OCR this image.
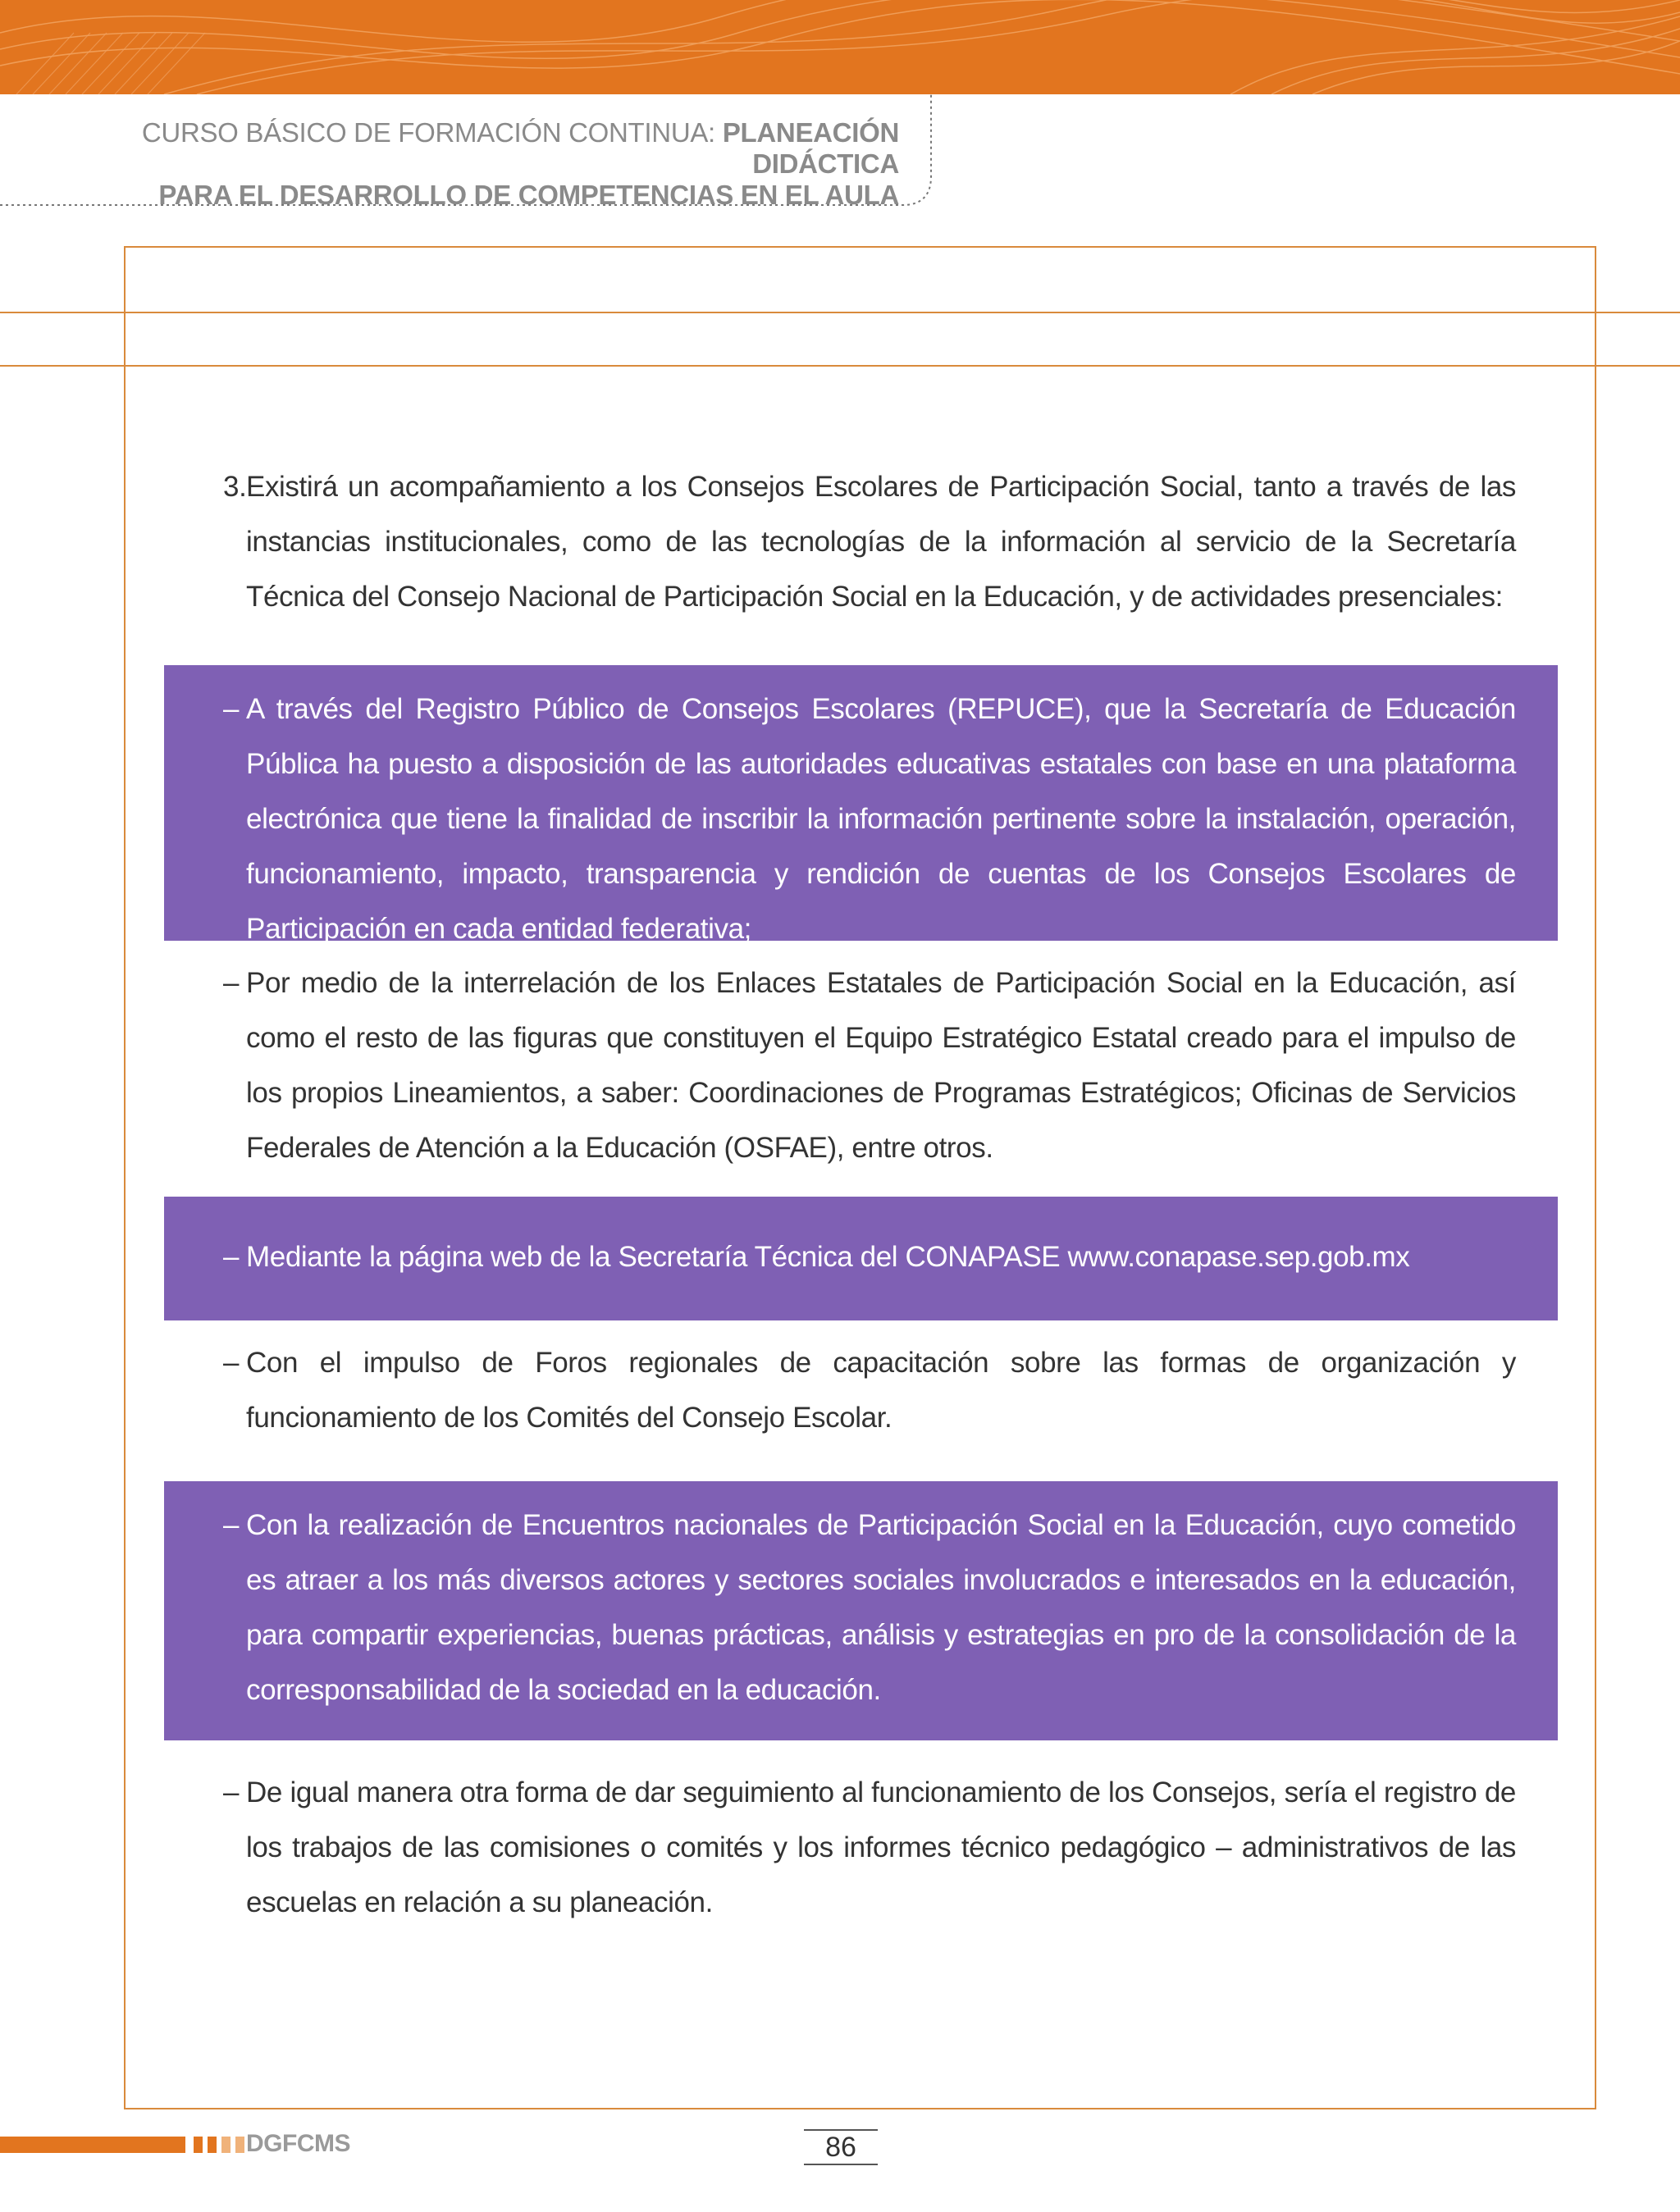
CURSO BÁSICO DE FORMACIÓN CONTINUA: PLANEACIÓN DIDÁCTICA
PARA EL DESARROLLO DE COMPETENCIAS EN EL AULA
3. Existirá un acompañamiento a los Consejos Escolares de Participación Social, tanto a través de las instancias institucionales, como de las tecnologías de la información al servicio de la Secretaría Técnica del Consejo Nacional de Participación Social en la Educación, y de actividades presenciales:
– A través del Registro Público de Consejos Escolares (REPUCE), que la Secretaría de Educación Pública ha puesto a disposición de las autoridades educativas estatales con base en una plataforma electrónica que tiene la finalidad de inscribir la información pertinente sobre la instalación, operación, funcionamiento, impacto, transparencia y rendición de cuentas de los Consejos Escolares de Participación en cada entidad federativa;
– Por medio de la interrelación de los Enlaces Estatales de Participación Social en la Educación, así como el resto de las figuras que constituyen el Equipo Estratégico Estatal creado para el impulso de los propios Lineamientos, a saber: Coordinaciones de Programas Estratégicos; Oficinas de Servicios Federales de Atención a la Educación (OSFAE), entre otros.
– Mediante la página web de la Secretaría Técnica del CONAPASE www.conapase.sep.gob.mx
– Con el impulso de Foros regionales de capacitación sobre las formas de organización y funcionamiento de los Comités del Consejo Escolar.
– Con la realización de Encuentros nacionales de Participación Social en la Educación, cuyo cometido es atraer a los más diversos actores y sectores sociales involucrados e interesados en la educación, para compartir experiencias, buenas prácticas, análisis y estrategias en pro de la consolidación de la corresponsabilidad de la sociedad en la educación.
– De igual manera otra forma de dar seguimiento al funcionamiento de los Consejos, sería el registro de los trabajos de las comisiones o comités y los informes técnico pedagógico – administrativos de las escuelas en relación a su planeación.
DGFCMS	86
